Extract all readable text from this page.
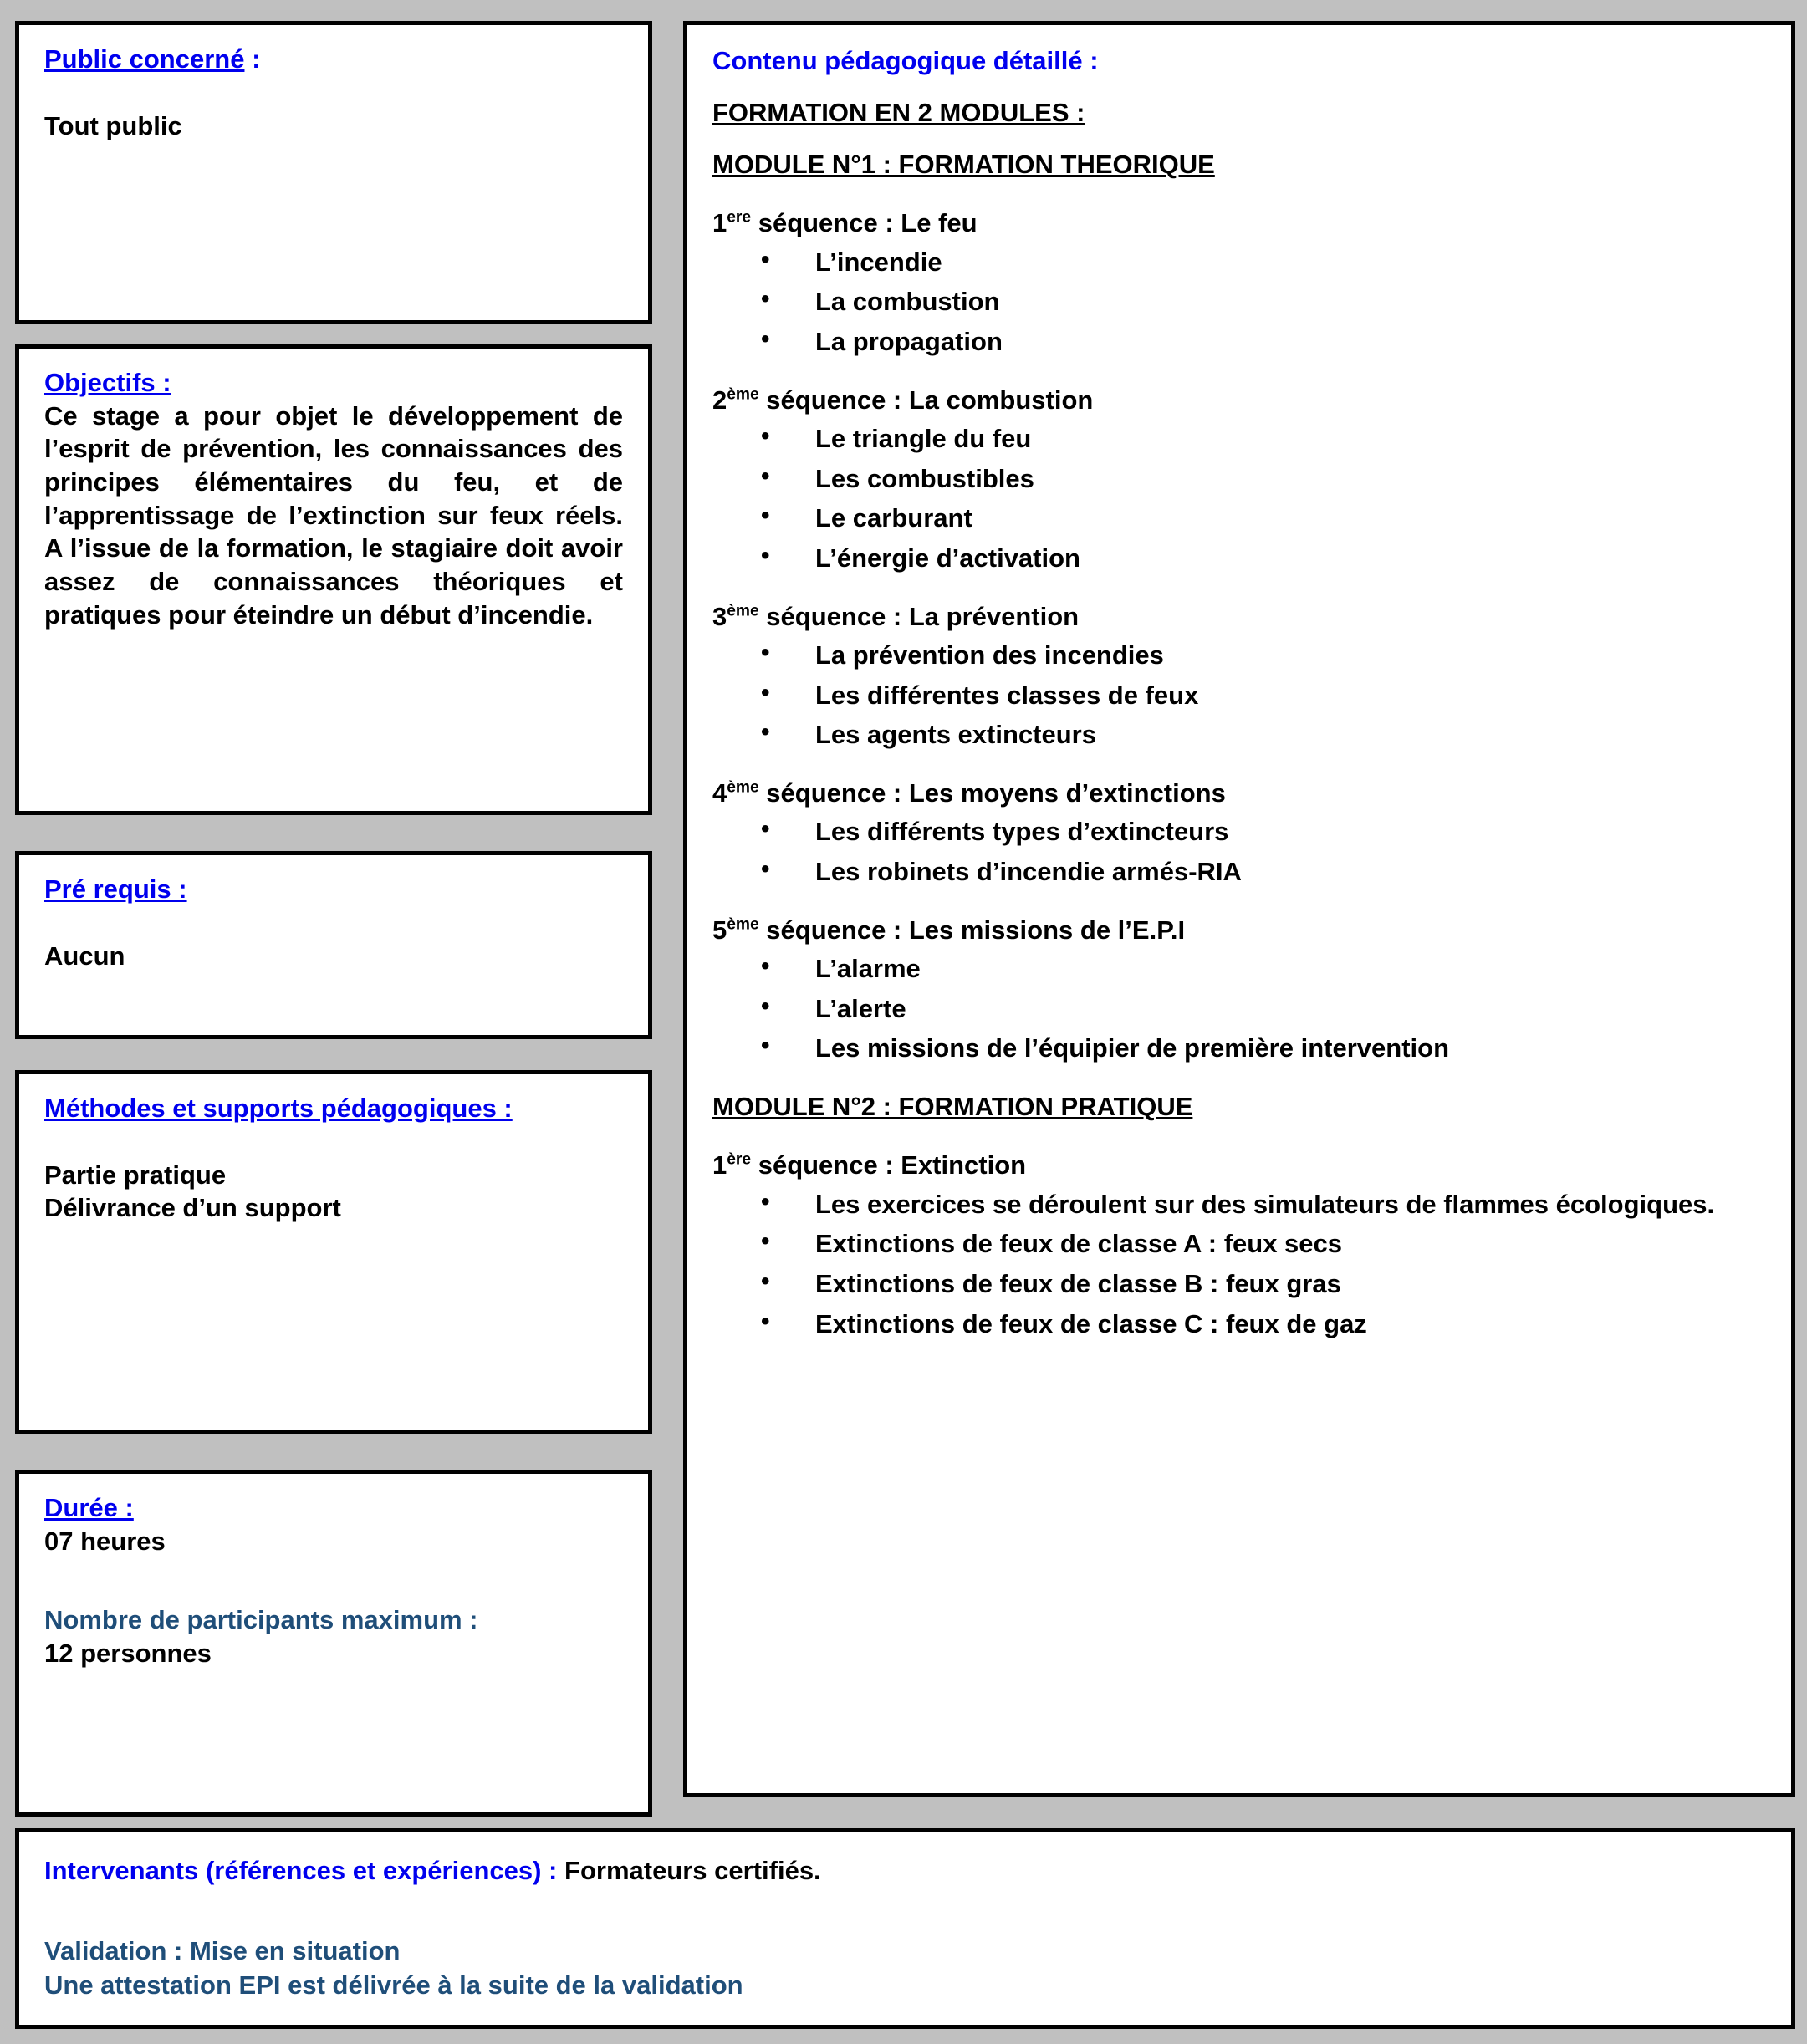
Public concerné :

Tout public

Objectifs :

Ce stage a pour objet le développement de l’esprit de prévention, les connaissances des principes élémentaires du feu, et de l’apprentissage de l’extinction sur feux réels. A l’issue de la formation, le stagiaire doit avoir assez de connaissances théoriques et pratiques pour éteindre un début d’incendie.

Pré requis :

Aucun

Méthodes et supports pédagogiques :

Partie pratique

Délivrance d’un support

Durée :

07 heures

Nombre de participants maximum :

12 personnes

Contenu pédagogique détaillé :

FORMATION EN 2 MODULES :

MODULE N°1 : FORMATION THEORIQUE

1ere séquence : Le feu

• L’incendie
• La combustion
• La propagation

2ème séquence : La combustion

• Le triangle du feu
• Les combustibles
• Le carburant
• L’énergie d’activation

3ème séquence : La prévention

• La prévention des incendies
• Les différentes classes de feux
• Les agents extincteurs

4ème séquence : Les moyens d’extinctions

• Les différents types d’extincteurs
• Les robinets d’incendie armés-RIA

5ème séquence : Les missions de l’E.P.I

• L’alarme
• L’alerte
• Les missions de l’équipier de première intervention
MODULE N°2 : FORMATION PRATIQUE

1ère séquence : Extinction

• Les exercices se déroulent sur des simulateurs de flammes écologiques.
• Extinctions de feux de classe A : feux secs
• Extinctions de feux de classe B : feux gras
• Extinctions de feux de classe C : feux de gaz

Intervenants (références et expériences) : Formateurs certifiés.

Validation : Mise en situation

Une attestation EPI est délivrée à la suite de la validation
